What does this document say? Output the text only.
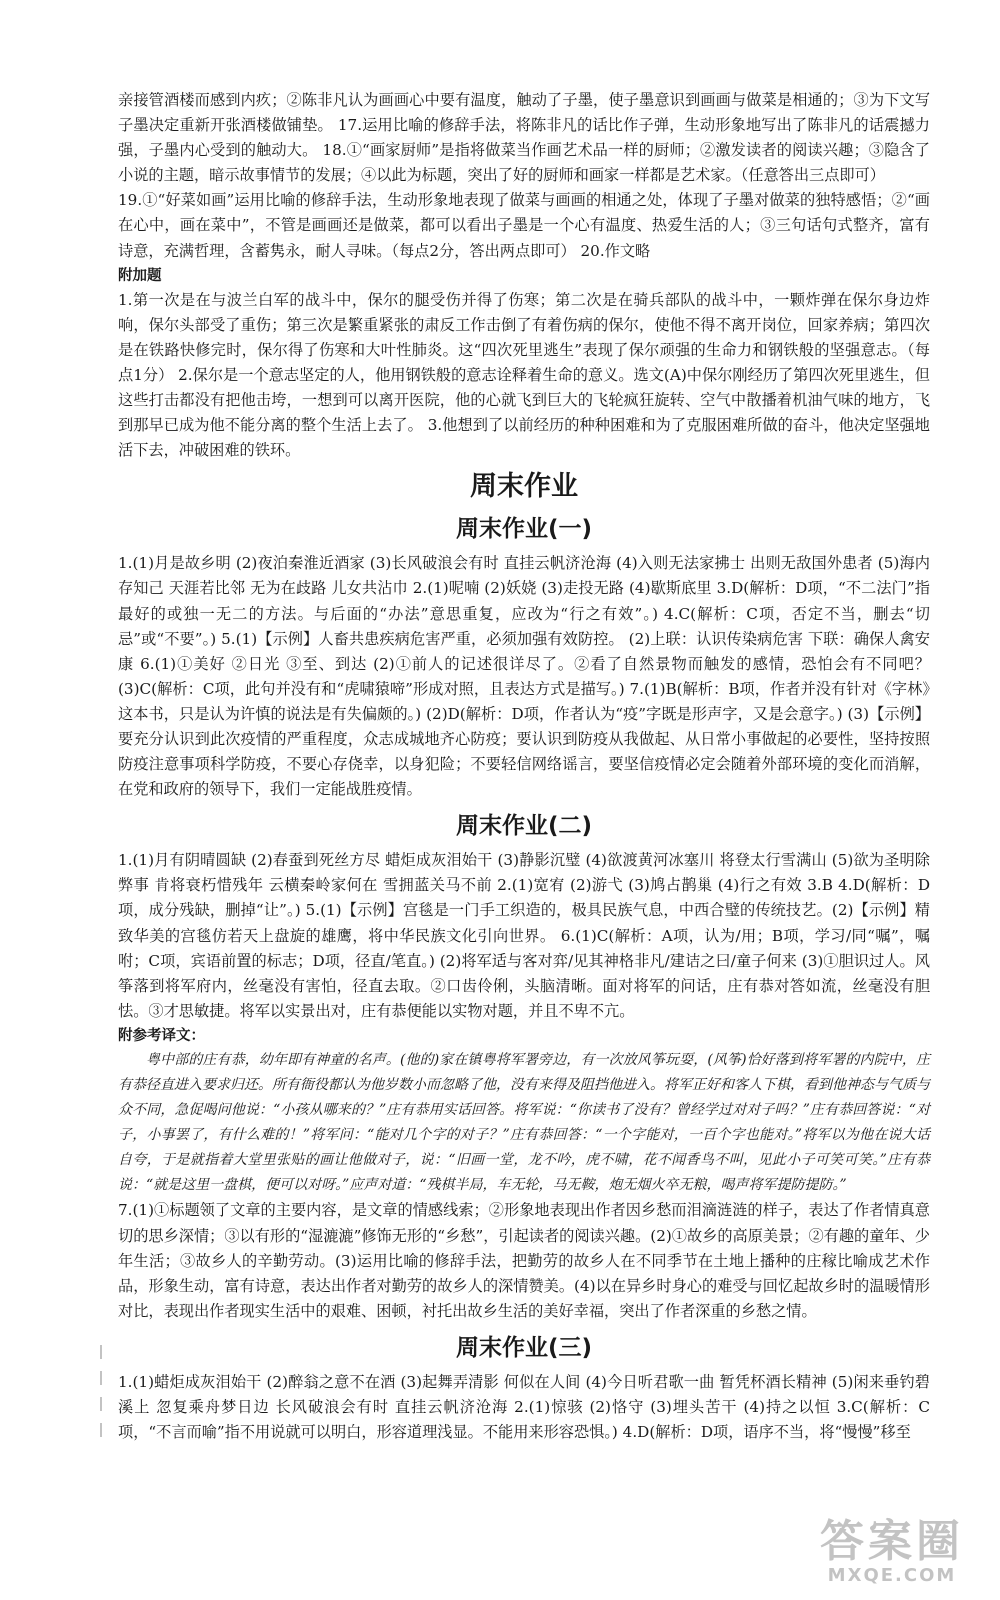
亲接管酒楼而感到内疚；②陈非凡认为画画心中要有温度，触动了子墨，使子墨意识到画画与做菜是相通的；③为下文写子墨决定重新开张酒楼做铺垫。 17.运用比喻的修辞手法，将陈非凡的话比作子弹，生动形象地写出了陈非凡的话震撼力强，子墨内心受到的触动大。 18.①“画家厨师”是指将做菜当作画艺术品一样的厨师；②激发读者的阅读兴趣；③隐含了小说的主题，暗示故事情节的发展；④以此为标题，突出了好的厨师和画家一样都是艺术家。（任意答出三点即可）

19.①“好菜如画”运用比喻的修辞手法，生动形象地表现了做菜与画画的相通之处，体现了子墨对做菜的独特感悟；②“画在心中，画在菜中”，不管是画画还是做菜，都可以看出子墨是一个心有温度、热爱生活的人；③三句话句式整齐，富有诗意，充满哲理，含蓄隽永，耐人寻味。（每点2分，答出两点即可） 20.作文略

附加题

1.第一次是在与波兰白军的战斗中，保尔的腿受伤并得了伤寒；第二次是在骑兵部队的战斗中，一颗炸弹在保尔身边炸响，保尔头部受了重伤；第三次是繁重紧张的肃反工作击倒了有着伤病的保尔，使他不得不离开岗位，回家养病；第四次是在铁路快修完时，保尔得了伤寒和大叶性肺炎。这“四次死里逃生”表现了保尔顽强的生命力和钢铁般的坚强意志。（每点1分） 2.保尔是一个意志坚定的人，他用钢铁般的意志诠释着生命的意义。选文(A)中保尔刚经历了第四次死里逃生，但这些打击都没有把他击垮，一想到可以离开医院，他的心就飞到巨大的飞轮疯狂旋转、空气中散播着机油气味的地方，飞到那早已成为他不能分离的整个生活上去了。 3.他想到了以前经历的种种困难和为了克服困难所做的奋斗，他决定坚强地活下去，冲破困难的铁环。

周末作业
周末作业(一)

1.(1)月是故乡明 (2)夜泊秦淮近酒家 (3)长风破浪会有时 直挂云帆济沧海 (4)入则无法家拂士 出则无敌国外患者 (5)海内存知己 天涯若比邻 无为在歧路 儿女共沾巾 2.(1)呢喃 (2)妖娆 (3)走投无路 (4)歇斯底里 3.D(解析：D项，“不二法门”指最好的或独一无二的方法。与后面的“办法”意思重复，应改为“行之有效”。) 4.C(解析：C项，否定不当，删去“切忌”或“不要”。) 5.(1)【示例】人畜共患疾病危害严重，必须加强有效防控。 (2)上联：认识传染病危害 下联：确保人禽安康 6.(1)①美好 ②日光 ③至、到达 (2)①前人的记述很详尽了。②看了自然景物而触发的感情，恐怕会有不同吧？ (3)C(解析：C项，此句并没有和“虎啸猿啼”形成对照，且表达方式是描写。) 7.(1)B(解析：B项，作者并没有针对《字林》这本书，只是认为许慎的说法是有失偏颇的。) (2)D(解析：D项，作者认为“疫”字既是形声字，又是会意字。) (3)【示例】要充分认识到此次疫情的严重程度，众志成城地齐心防疫；要认识到防疫从我做起、从日常小事做起的必要性，坚持按照防疫注意事项科学防疫，不要心存侥幸，以身犯险；不要轻信网络谣言，要坚信疫情必定会随着外部环境的变化而消解，在党和政府的领导下，我们一定能战胜疫情。

周末作业(二)

1.(1)月有阴晴圆缺 (2)春蚕到死丝方尽 蜡炬成灰泪始干 (3)静影沉璧 (4)欲渡黄河冰塞川 将登太行雪满山 (5)欲为圣明除弊事 肯将衰朽惜残年 云横秦岭家何在 雪拥蓝关马不前 2.(1)宽宥 (2)游弋 (3)鸠占鹊巢 (4)行之有效 3.B 4.D(解析：D项，成分残缺，删掉“让”。) 5.(1)【示例】宫毯是一门手工织造的，极具民族气息，中西合璧的传统技艺。(2)【示例】精致华美的宫毯仿若天上盘旋的雄鹰，将中华民族文化引向世界。 6.(1)C(解析：A项，认为/用；B项，学习/同“嘱”，嘱咐；C项，宾语前置的标志；D项，径直/笔直。) (2)将军适与客对弈/见其神格非凡/建诘之曰/童子何来 (3)①胆识过人。风筝落到将军府内，丝毫没有害怕，径直去取。②口齿伶俐，头脑清晰。面对将军的问话，庄有恭对答如流，丝毫没有胆怯。③才思敏捷。将军以实景出对，庄有恭便能以实物对题，并且不卑不亢。

附参考译文：

粤中部的庄有恭，幼年即有神童的名声。(他的)家在镇粤将军署旁边，有一次放风筝玩耍，(风筝)恰好落到将军署的内院中，庄有恭径直进入要求归还。所有衙役都认为他岁数小而忽略了他，没有来得及阻挡他进入。将军正好和客人下棋，看到他神态与气质与众不同，急促喝问他说：“小孩从哪来的？”庄有恭用实话回答。将军说：“你读书了没有？曾经学过对对子吗？”庄有恭回答说：“对子，小事罢了，有什么难的！”将军问：“能对几个字的对子？”庄有恭回答：“一个字能对，一百个字也能对。”将军以为他在说大话自夸，于是就指着大堂里张贴的画让他做对子，说：“旧画一堂，龙不吟，虎不啸，花不闻香鸟不叫，见此小子可笑可笑。”庄有恭说：“就是这里一盘棋，便可以对呀。”应声对道：“残棋半局，车无轮，马无鞍，炮无烟火卒无粮，喝声将军提防提防。”

7.(1)①标题领了文章的主要内容，是文章的情感线索；②形象地表现出作者因乡愁而泪滴涟涟的样子，表达了作者情真意切的思乡深情；③以有形的“湿漉漉”修饰无形的“乡愁”，引起读者的阅读兴趣。(2)①故乡的高原美景；②有趣的童年、少年生活；③故乡人的辛勤劳动。(3)运用比喻的修辞手法，把勤劳的故乡人在不同季节在土地上播种的庄稼比喻成艺术作品，形象生动，富有诗意，表达出作者对勤劳的故乡人的深情赞美。(4)以在异乡时身心的难受与回忆起故乡时的温暖情形对比，表现出作者现实生活中的艰难、困顿，衬托出故乡生活的美好幸福，突出了作者深重的乡愁之情。

周末作业(三)

1.(1)蜡炬成灰泪始干 (2)醉翁之意不在酒 (3)起舞弄清影 何似在人间 (4)今日听君歌一曲 暂凭杯酒长精神 (5)闲来垂钓碧溪上 忽复乘舟梦日边 长风破浪会有时 直挂云帆济沧海 2.(1)惊骇 (2)恪守 (3)埋头苦干 (4)持之以恒 3.C(解析：C项，“不言而喻”指不用说就可以明白，形容道理浅显。不能用来形容恐惧。) 4.D(解析：D项，语序不当，将“慢慢”移至

答案圈
MXQE.COM
